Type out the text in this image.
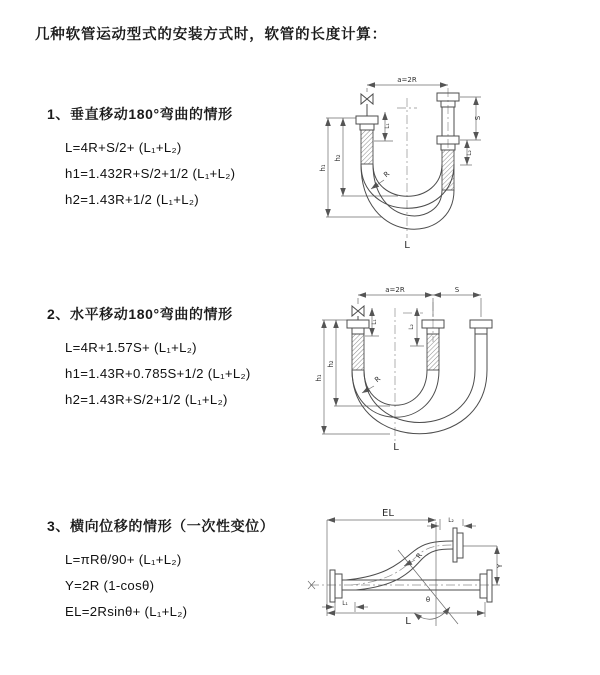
几种软管运动型式的安装方式时，软管的长度计算：
1、垂直移动180°弯曲的情形
L=4R+S/2+ (L₁+L₂)
h1=1.432R+S/2+1/2 (L₁+L₂)
h2=1.43R+1/2 (L₁+L₂)
2、水平移动180°弯曲的情形
L=4R+1.57S+ (L₁+L₂)
h1=1.43R+0.785S+1/2 (L₁+L₂)
h2=1.43R+S/2+1/2 (L₁+L₂)
3、横向位移的情形（一次性变位）
L=πRθ/90+ (L₁+L₂)
Y=2R (1-cosθ)
EL=2Rsinθ+ (L₁+L₂)
a=2R
L₁
S
L₂
h₁
h₂
R
L
a=2R	S
L₁
L₂
h₁
h₂
R
L
EL
L₂
Y
R
θ
L
L₁
